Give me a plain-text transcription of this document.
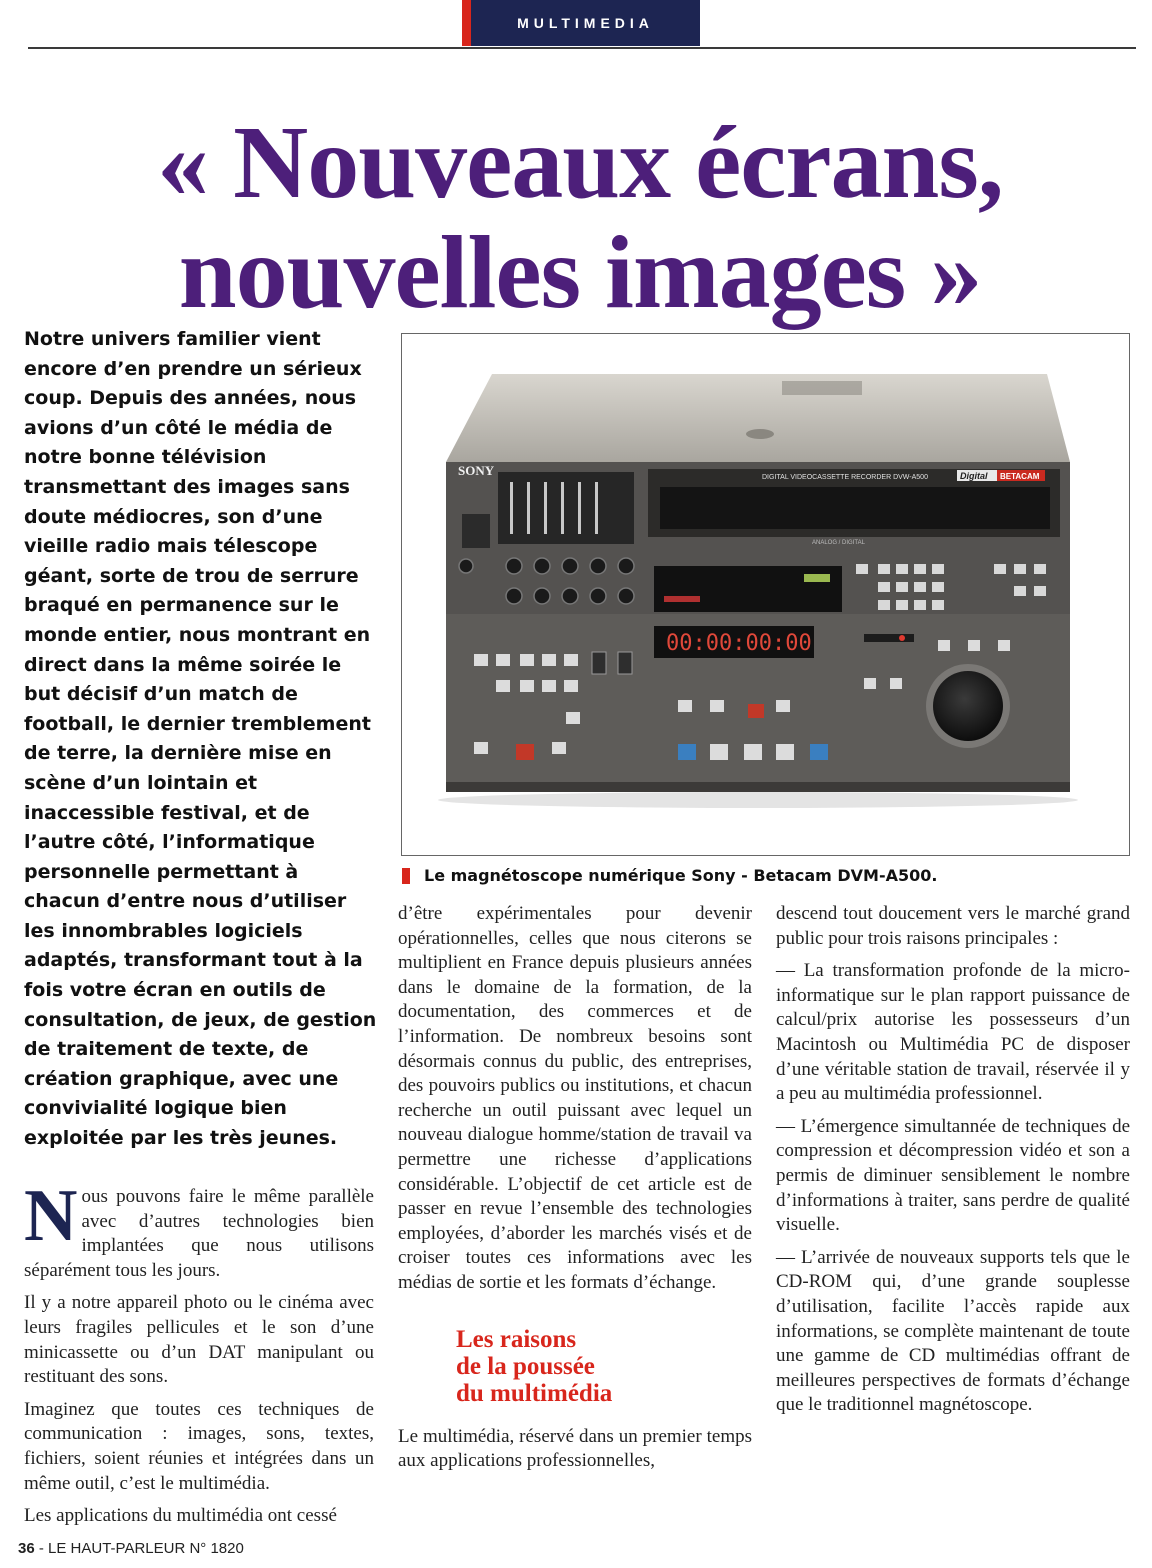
MULTIMEDIA
« Nouveaux écrans,
nouvelles images »

Notre univers familier vient encore d’en prendre un sérieux coup. Depuis des années, nous avions d’un côté le média de notre bonne télévision transmettant des images sans doute médiocres, son d’une vieille radio mais télescope géant, sorte de trou de serrure braqué en permanence sur le monde entier, nous montrant en direct dans la même soirée le but décisif d’un match de football, le dernier tremblement de terre, la dernière mise en scène d’un lointain et inaccessible festival, et de l’autre côté, l’informatique personnelle permettant à chacun d’entre nous d’utiliser les innombrables logiciels adaptés, transformant tout à la fois votre écran en outils de consultation, de jeux, de gestion de traitement de texte, de création graphique, avec une convivialité logique bien exploitée par les très jeunes.

SONY	DIGITAL VIDEOCASSETTE RECORDER DVW-A500	Digital BETACAM
ANALOG / DIGITAL
00:00:00:00

Le magnétoscope numérique Sony - Betacam DVM-A500.

Nous pouvons faire le même parallèle avec d’autres technologies bien implantées que nous utilisons séparément tous les jours.

Il y a notre appareil photo ou le cinéma avec leurs fragiles pellicules et le son d’une minicassette ou d’un DAT manipulant ou restituant des sons.

Imaginez que toutes ces techniques de communication : images, sons, textes, fichiers, soient réunies et intégrées dans un même outil, c’est le multimédia.

Les applications du multimédia ont cessé

d’être expérimentales pour devenir opérationnelles, celles que nous citerons se multiplient en France depuis plusieurs années dans le domaine de la formation, de la documentation, des commerces et de l’information. De nombreux besoins sont désormais connus du public, des entreprises, des pouvoirs publics ou institutions, et chacun recherche un outil puissant avec lequel un nouveau dialogue homme/station de travail va permettre une richesse d’applications considérable. L’objectif de cet article est de passer en revue l’ensemble des technologies employées, d’aborder les marchés visés et de croiser toutes ces informations avec les médias de sortie et les formats d’échange.

Les raisons
de la poussée
du multimédia

Le multimédia, réservé dans un premier temps aux applications professionnelles,

descend tout doucement vers le marché grand public pour trois raisons principales :

— La transformation profonde de la micro-informatique sur le plan rapport puissance de calcul/prix autorise les possesseurs d’un Macintosh ou Multimédia PC de disposer d’une véritable station de travail, réservée il y a peu au multimédia professionnel.

— L’émergence simultannée de techniques de compression et décompression vidéo et son a permis de diminuer sensiblement le nombre d’informations à traiter, sans perdre de qualité visuelle.

— L’arrivée de nouveaux supports tels que le CD-ROM qui, d’une grande souplesse d’utilisation, facilite l’accès rapide aux informations, se complète maintenant de toute une gamme de CD multimédias offrant de meilleures perspectives de formats d’échange que le traditionnel magnétoscope.

36 - LE HAUT-PARLEUR N° 1820
